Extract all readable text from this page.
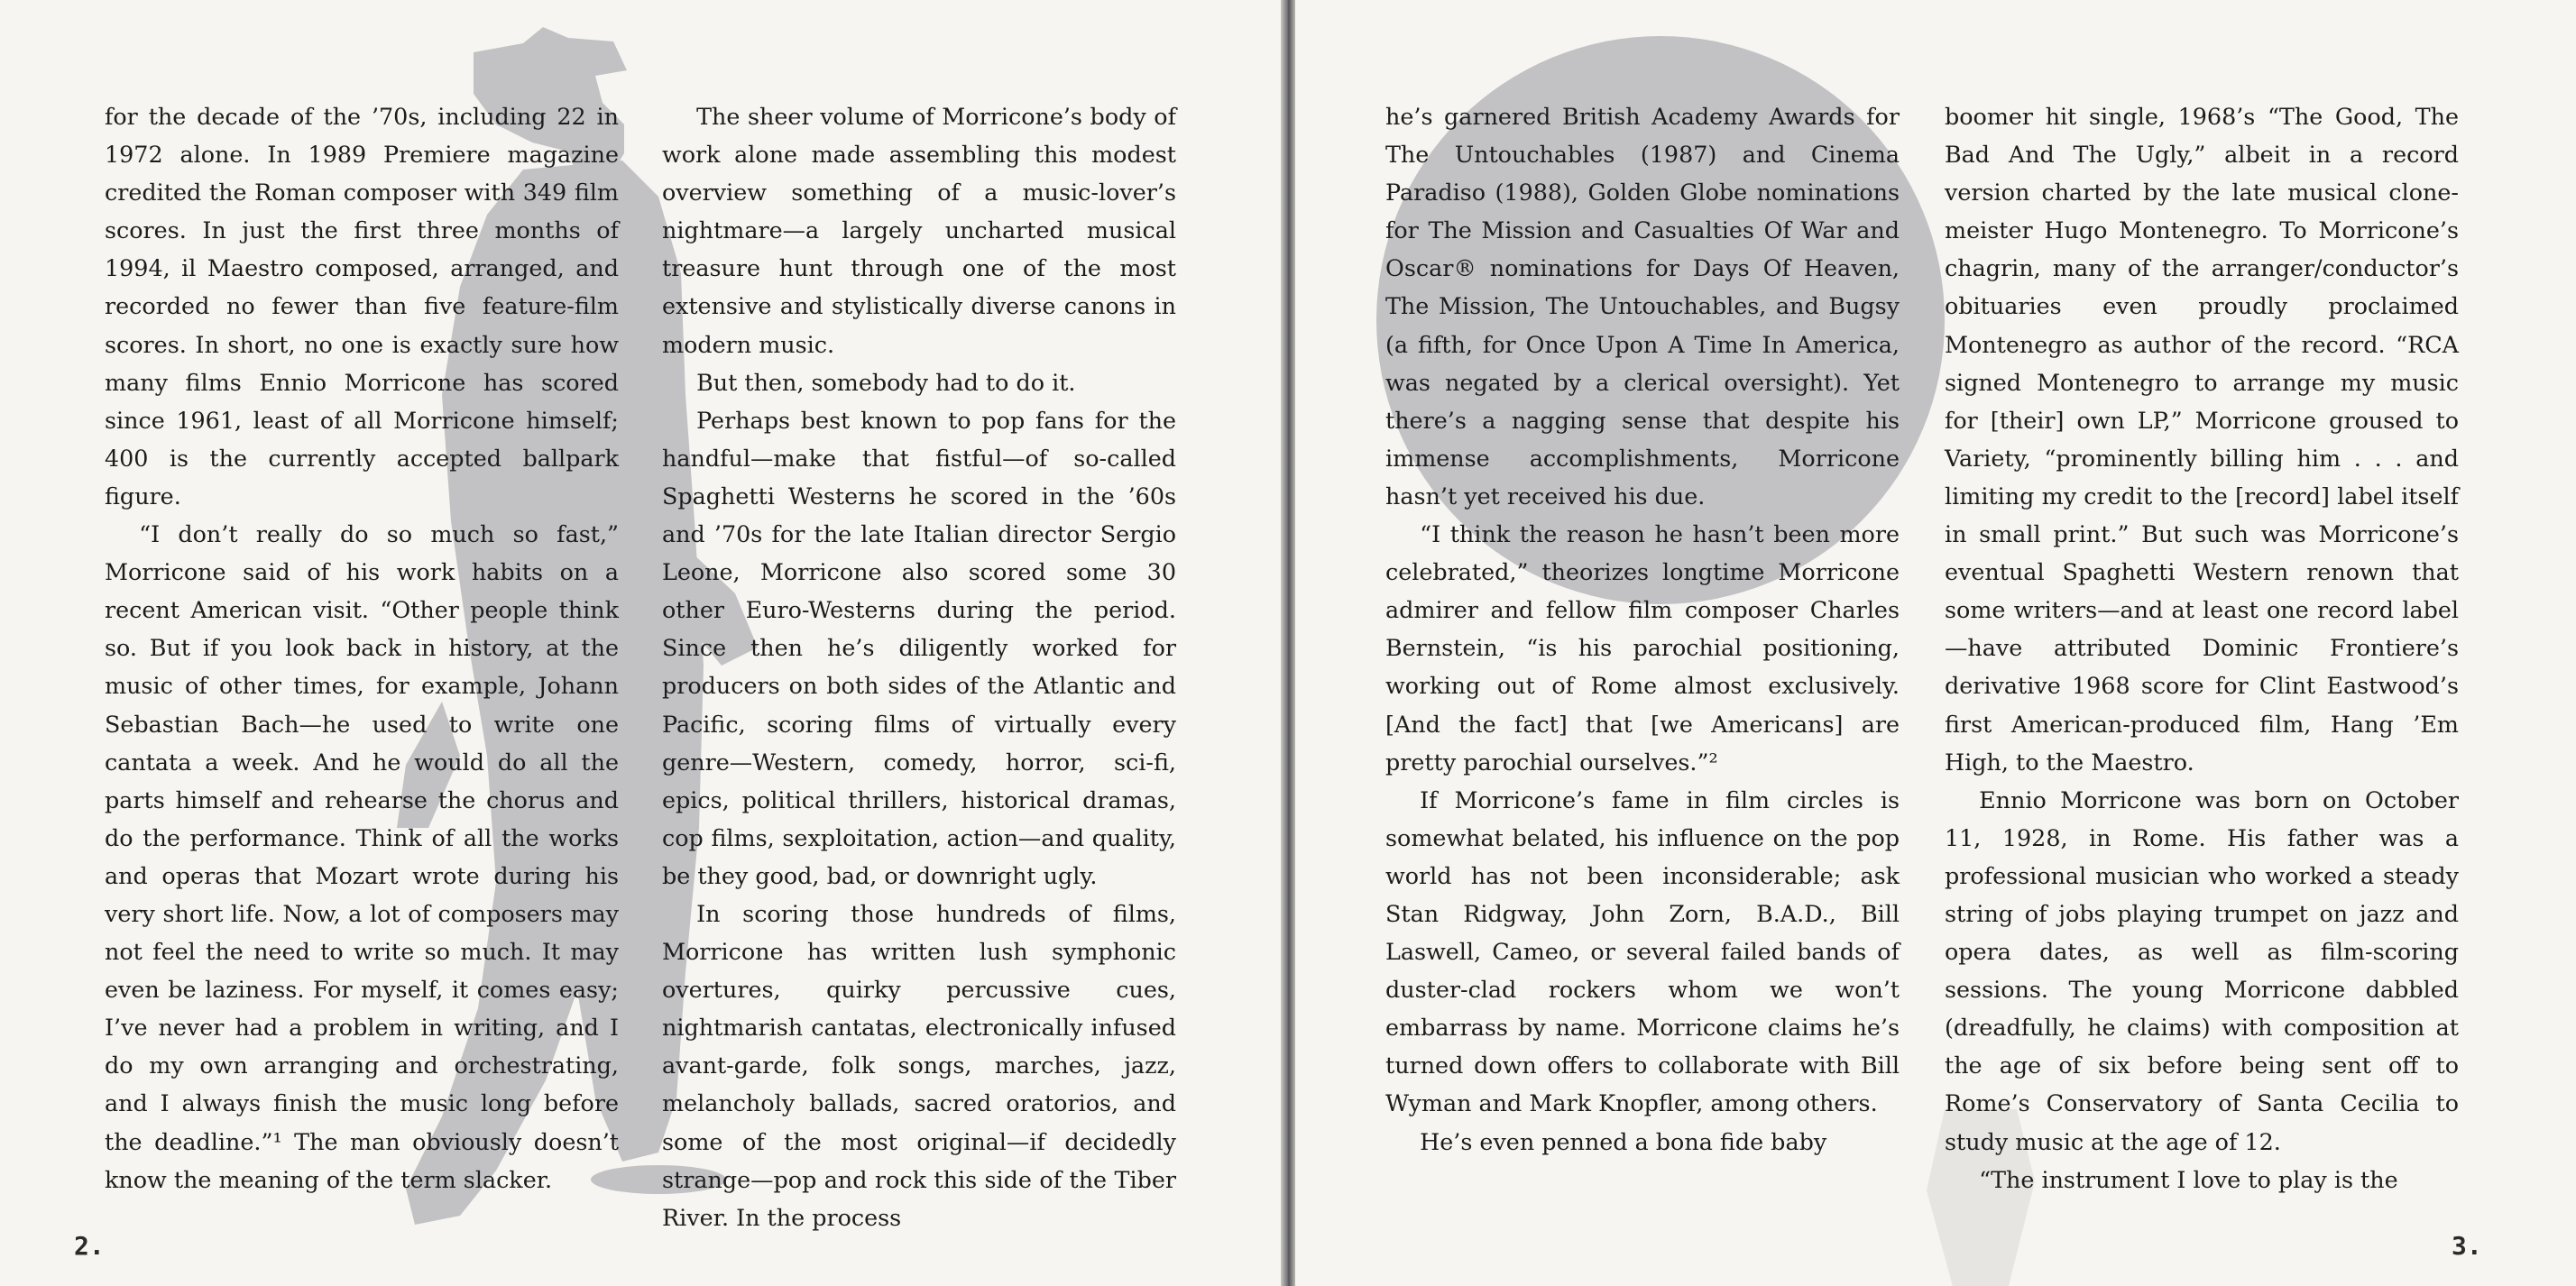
for the decade of the ’70s, including 22 in 1972 alone. In 1989 Premiere magazine credited the Roman composer with 349 film scores. In just the first three months of 1994, il Maestro composed, arranged, and recorded no fewer than five feature-film scores. In short, no one is exactly sure how many films Ennio Morricone has scored since 1961, least of all Morricone himself; 400 is the currently accepted ballpark figure.

“I don’t really do so much so fast,” Morricone said of his work habits on a recent American visit. “Other people think so. But if you look back in history, at the music of other times, for example, Johann Sebastian Bach—he used to write one cantata a week. And he would do all the parts himself and rehearse the chorus and do the performance. Think of all the works and operas that Mozart wrote during his very short life. Now, a lot of composers may not feel the need to write so much. It may even be laziness. For myself, it comes easy; I’ve never had a problem in writing, and I do my own arranging and orchestrating, and I always finish the music long before the deadline.”¹ The man obviously doesn’t know the meaning of the term slacker.

The sheer volume of Morricone’s body of work alone made assembling this modest overview something of a music-lover’s nightmare—a largely uncharted musical treasure hunt through one of the most extensive and stylistically diverse canons in modern music.

But then, somebody had to do it.

Perhaps best known to pop fans for the handful—make that fistful—of so-called Spaghetti Westerns he scored in the ’60s and ’70s for the late Italian director Sergio Leone, Morricone also scored some 30 other Euro-Westerns during the period. Since then he’s diligently worked for producers on both sides of the Atlantic and Pacific, scoring films of virtually every genre—Western, comedy, horror, sci-fi, epics, political thrillers, historical dramas, cop films, sexploitation, action—and quality, be they good, bad, or downright ugly.

In scoring those hundreds of films, Morricone has written lush symphonic overtures, quirky percussive cues, nightmarish cantatas, electronically infused avant-garde, folk songs, marches, jazz, melancholy ballads, sacred oratorios, and some of the most original—if decidedly strange—pop and rock this side of the Tiber River. In the process

2.

he’s garnered British Academy Awards for The Untouchables (1987) and Cinema Paradiso (1988), Golden Globe nominations for The Mission and Casualties Of War and Oscar® nominations for Days Of Heaven, The Mission, The Untouchables, and Bugsy (a fifth, for Once Upon A Time In America, was negated by a clerical oversight). Yet there’s a nagging sense that despite his immense accomplishments, Morricone hasn’t yet received his due.

“I think the reason he hasn’t been more celebrated,” theorizes longtime Morricone admirer and fellow film composer Charles Bernstein, “is his parochial positioning, working out of Rome almost exclusively. [And the fact] that [we Americans] are pretty parochial ourselves.”²

If Morricone’s fame in film circles is somewhat belated, his influence on the pop world has not been inconsiderable; ask Stan Ridgway, John Zorn, B.A.D., Bill Laswell, Cameo, or several failed bands of duster-clad rockers whom we won’t embarrass by name. Morricone claims he’s turned down offers to collaborate with Bill Wyman and Mark Knopfler, among others.

He’s even penned a bona fide baby

boomer hit single, 1968’s “The Good, The Bad And The Ugly,” albeit in a record version charted by the late musical clone-meister Hugo Montenegro. To Morricone’s chagrin, many of the arranger/conductor’s obituaries even proudly proclaimed Montenegro as author of the record. “RCA signed Montenegro to arrange my music for [their] own LP,” Morricone groused to Variety, “prominently billing him . . . and limiting my credit to the [record] label itself in small print.” But such was Morricone’s eventual Spaghetti Western renown that some writers—and at least one record label—have attributed Dominic Frontiere’s derivative 1968 score for Clint Eastwood’s first American-produced film, Hang ’Em High, to the Maestro.

Ennio Morricone was born on October 11, 1928, in Rome. His father was a professional musician who worked a steady string of jobs playing trumpet on jazz and opera dates, as well as film-scoring sessions. The young Morricone dabbled (dreadfully, he claims) with composition at the age of six before being sent off to Rome’s Conservatory of Santa Cecilia to study music at the age of 12.

“The instrument I love to play is the

3.
